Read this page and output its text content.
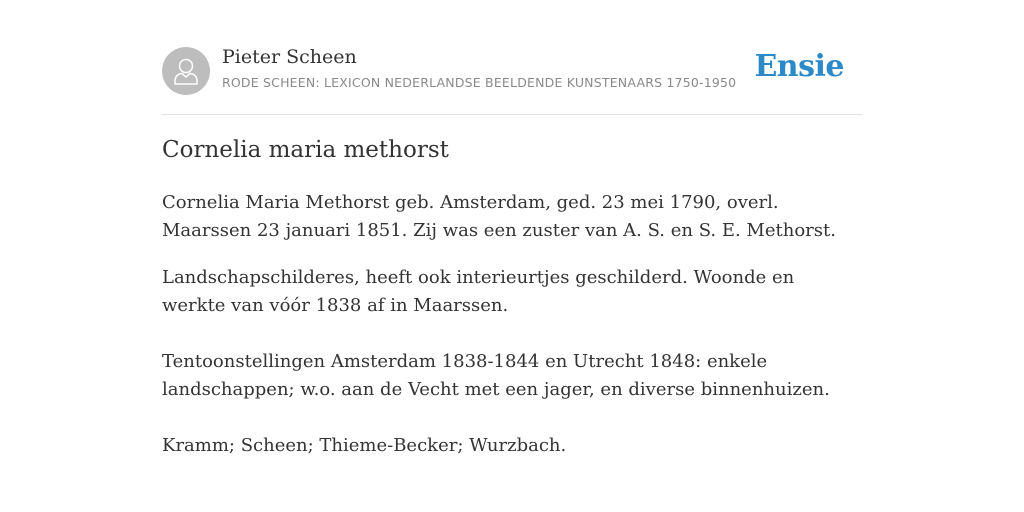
Pieter Scheen
RODE SCHEEN: LEXICON NEDERLANDSE BEELDENDE KUNSTENAARS 1750-1950 Ensie
Cornelia maria methorst

Cornelia Maria Methorst geb. Amsterdam, ged. 23 mei 1790, overl. Maarssen 23 januari 1851. Zij was een zuster van A. S. en S. E. Methorst.

Landschapschilderes, heeft ook interieurtjes geschilderd. Woonde en werkte van vóór 1838 af in Maarssen.

Tentoonstellingen Amsterdam 1838-1844 en Utrecht 1848: enkele landschappen; w.o. aan de Vecht met een jager, en diverse binnenhuizen.

Kramm; Scheen; Thieme-Becker; Wurzbach.
